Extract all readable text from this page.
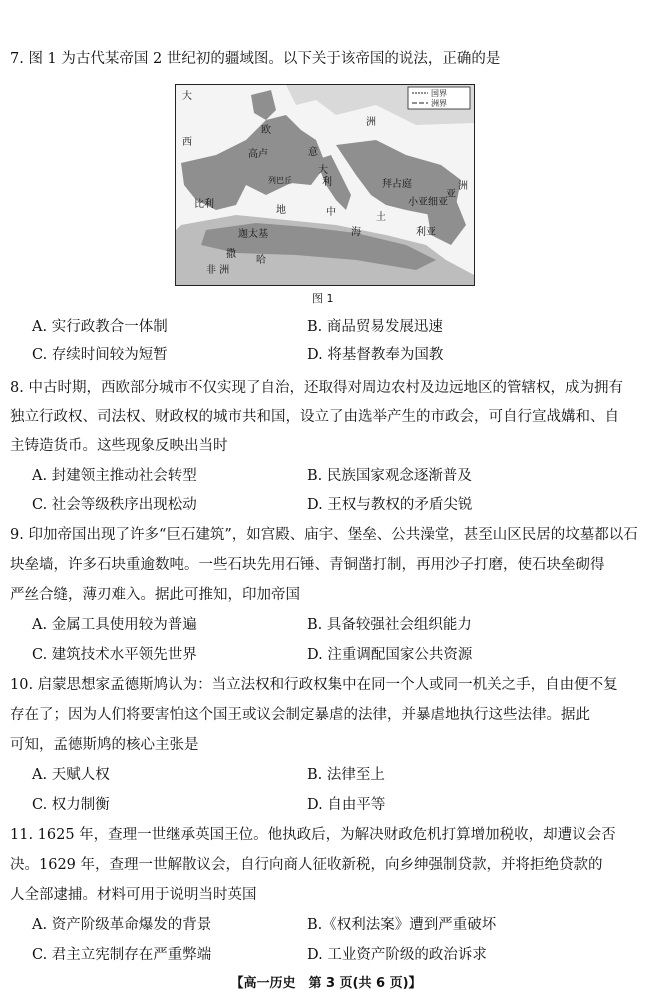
7. 图 1 为古代某帝国 2 世纪初的疆域图。以下关于该帝国的说法，正确的是
国界
洲界
大
西
欧
洲
高卢	意
大
利
列巴丘	拜占庭
小亚细亚
亚
洲
比利
迦太基
中
海
地
非 洲
撒
哈
利亚
土
图 1
A. 实行政教合一体制	B. 商品贸易发展迅速
C. 存续时间较为短暂	D. 将基督教奉为国教
8. 中古时期，西欧部分城市不仅实现了自治，还取得对周边农村及边远地区的管辖权，成为拥有
独立行政权、司法权、财政权的城市共和国，设立了由选举产生的市政会，可自行宣战媾和、自
主铸造货币。这些现象反映出当时
A. 封建领主推动社会转型	B. 民族国家观念逐渐普及
C. 社会等级秩序出现松动	D. 王权与教权的矛盾尖锐
9. 印加帝国出现了许多“巨石建筑”，如宫殿、庙宇、堡垒、公共澡堂，甚至山区民居的坟墓都以石
块垒墙，许多石块重逾数吨。一些石块先用石锤、青铜凿打制，再用沙子打磨，使石块垒砌得
严丝合缝，薄刃难入。据此可推知，印加帝国
A. 金属工具使用较为普遍	B. 具备较强社会组织能力
C. 建筑技术水平领先世界	D. 注重调配国家公共资源
10. 启蒙思想家孟德斯鸠认为：当立法权和行政权集中在同一个人或同一机关之手，自由便不复
存在了；因为人们将要害怕这个国王或议会制定暴虐的法律，并暴虐地执行这些法律。据此
可知，孟德斯鸠的核心主张是
A. 天赋人权	B. 法律至上
C. 权力制衡	D. 自由平等
11. 1625 年，查理一世继承英国王位。他执政后，为解决财政危机打算增加税收，却遭议会否
决。1629 年，查理一世解散议会，自行向商人征收新税，向乡绅强制贷款，并将拒绝贷款的
人全部逮捕。材料可用于说明当时英国
A. 资产阶级革命爆发的背景	B.《权利法案》遭到严重破坏
C. 君主立宪制存在严重弊端	D. 工业资产阶级的政治诉求
【高一历史　第 3 页(共 6 页)】
